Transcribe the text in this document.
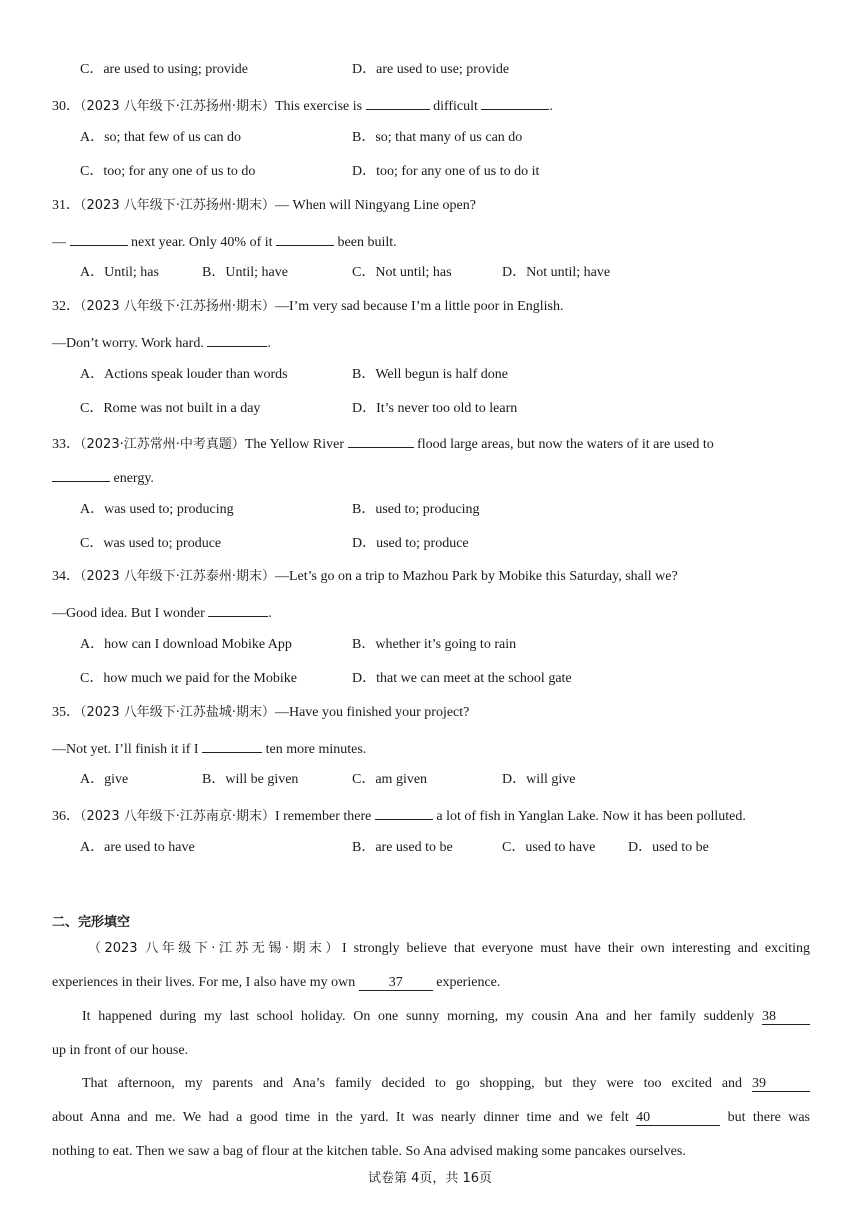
C．are used to using; provide	D．are used to use; provide
30．（2023 八年级下·江苏扬州·期末）This exercise is	difficult	.
A．so; that few of us can do	B．so; that many of us can do
C．too; for any one of us to do	D．too; for any one of us to do it
31．（2023 八年级下·江苏扬州·期末）— When will Ningyang Line open?
—	next year. Only 40% of it	been built.
A．Until; has	B．Until; have	C．Not until; has	D．Not until; have
32．（2023 八年级下·江苏扬州·期末）—I’m very sad because I’m a little poor in English.
—Don’t worry. Work hard.	.
A．Actions speak louder than words	B．Well begun is half done
C．Rome was not built in a day	D．It’s never too old to learn
33．（2023·江苏常州·中考真题）The Yellow River	flood large areas, but now the waters of it are used to
energy.
A．was used to; producing	B．used to; producing
C．was used to; produce	D．used to; produce
34．（2023 八年级下·江苏泰州·期末）—Let’s go on a trip to Mazhou Park by Mobike this Saturday, shall we?
—Good idea. But I wonder	.
A．how can I download Mobike App	B．whether it’s going to rain
C．how much we paid for the Mobike	D．that we can meet at the school gate
35．（2023 八年级下·江苏盐城·期末）—Have you finished your project?
—Not yet. I’ll finish it if I	ten more minutes.
A．give	B．will be given	C．am given	D．will give
36．（2023 八年级下·江苏南京·期末）I remember there	a lot of fish in Yanglan Lake. Now it has been polluted.
A．are used to have	B．are used to be	C．used to have D．used to be
二、完形填空
（2023 八年级下·江苏无锡·期末）I strongly believe that everyone must have their own interesting and exciting
experiences in their lives. For me, I also have my own 37 experience.
It happened during my last school holiday. On one sunny morning, my cousin Ana and her family suddenly 38
up in front of our house.
That afternoon, my parents and Ana’s family decided to go shopping, but they were too excited and 39
about Anna and me. We had a good time in the yard. It was nearly dinner time and we felt 40	but there was
nothing to eat. Then we saw a bag of flour at the kitchen table. So Ana advised making some pancakes ourselves.
试卷第 4页，共 16页
